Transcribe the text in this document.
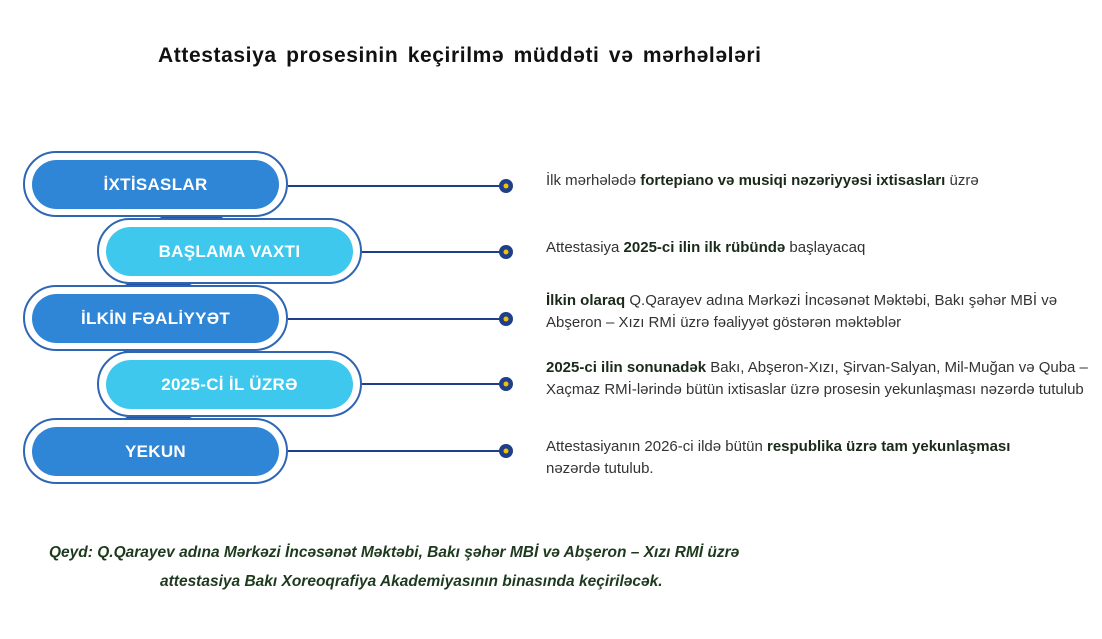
Attestasiya prosesinin keçirilmə müddəti və mərhələləri
İXTİSASLAR
BAŞLAMA VAXTI
İLKİN FƏALİYYƏT
2025-Cİ İL ÜZRƏ
YEKUN
İlk mərhələdə fortepiano və musiqi nəzəriyyəsi ixtisasları üzrə
Attestasiya 2025-ci ilin ilk rübündə başlayacaq
İlkin olaraq Q.Qarayev adına Mərkəzi İncəsənət Məktəbi, Bakı şəhər MBİ və Abşeron – Xızı RMİ üzrə fəaliyyət göstərən məktəblər
2025-ci ilin sonunadək Bakı, Abşeron-Xızı, Şirvan-Salyan, Mil-Muğan və Quba – Xaçmaz RMİ-lərində bütün ixtisaslar üzrə prosesin yekunlaşması nəzərdə tutulub
Attestasiyanın 2026-ci ildə bütün respublika üzrə tam yekunlaşması nəzərdə tutulub.
Qeyd: Q.Qarayev adına Mərkəzi İncəsənət Məktəbi, Bakı şəhər MBİ və Abşeron – Xızı RMİ üzrə
attestasiya Bakı Xoreoqrafiya Akademiyasının binasında keçiriləcək.
